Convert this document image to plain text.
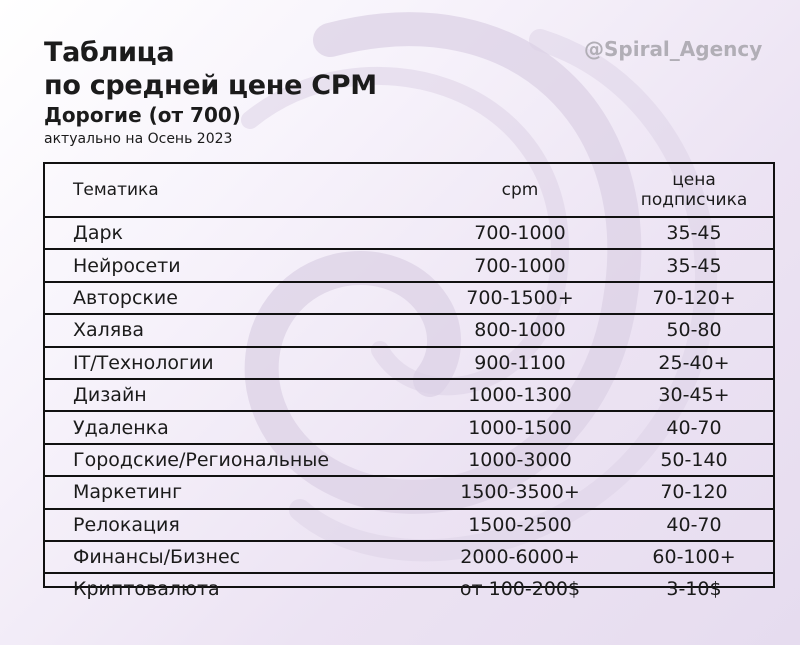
Таблица
по средней цене CPM
Дорогие (от 700)
актуально на Осень 2023
@Spiral_Agency
Тематика	cpm	цена
подписчика
Дарк	700-1000	35-45
Нейросети	700-1000	35-45
Авторские	700-1500+	70-120+
Халява	800-1000	50-80
IT/Технологии	900-1100	25-40+
Дизайн	1000-1300	30-45+
Удаленка	1000-1500	40-70
Городские/Региональные	1000-3000	50-140
Маркетинг	1500-3500+	70-120
Релокация	1500-2500	40-70
Финансы/Бизнес	2000-6000+	60-100+
Криптовалюта	от 100-200$	3-10$
